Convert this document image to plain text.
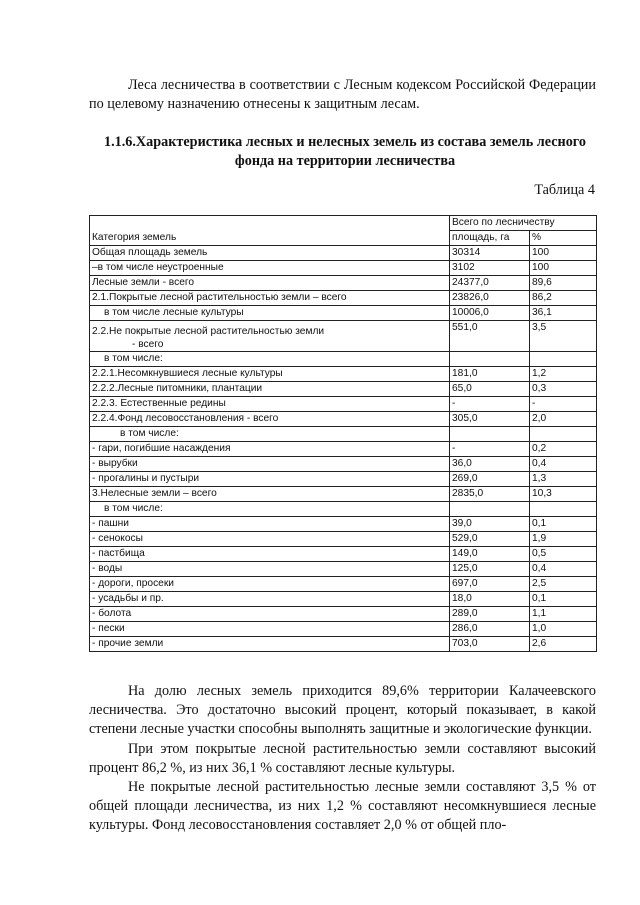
Леса лесничества в соответствии с Лесным кодексом Российской Федерации по целевому назначению отнесены к защитным лесам.

1.1.6.Характеристика лесных и нелесных земель из состава земель лесного фонда на территории лесничества

Таблица 4

	Всего по лесничеству	
Категория земель	площадь, га	%
Общая площадь земель	30314	100
–в том числе неустроенные	3102	100
Лесные земли - всего	24377,0	89,6
2.1.Покрытые лесной растительностью земли – всего	23826,0	86,2
в том числе лесные культуры	10006,0	36,1
2.2.Не покрытые лесной растительностью земли
- всего	551,0	3,5
в том числе:		
2.2.1.Несомкнувшиеся лесные культуры	181,0	1,2
2.2.2.Лесные питомники, плантации	65,0	0,3
2.2.3. Естественные редины	-	-
2.2.4.Фонд лесовосстановления - всего	305,0	2,0
в том числе:		
- гари, погибшие насаждения	-	0,2
- вырубки	36,0	0,4
- прогалины и пустыри	269,0	1,3
3.Нелесные земли – всего	2835,0	10,3
в том числе:		
- пашни	39,0	0,1
- сенокосы	529,0	1,9
- пастбища	149,0	0,5
- воды	125,0	0,4
- дороги, просеки	697,0	2,5
- усадьбы и пр.	18,0	0,1
- болота	289,0	1,1
- пески	286,0	1,0
- прочие земли	703,0	2,6

На долю лесных земель приходится 89,6% территории Калачеевского лесничества. Это достаточно высокий процент, который показывает, в какой степени лесные участки способны выполнять защитные и экологические функции.

При этом покрытые лесной растительностью земли составляют высокий процент 86,2 %, из них 36,1 % составляют лесные культуры.

Не покрытые лесной растительностью лесные земли составляют 3,5 % от общей площади лесничества, из них 1,2 % составляют несомкнувшиеся лесные культуры. Фонд лесовосстановления составляет 2,0 % от общей пло-
